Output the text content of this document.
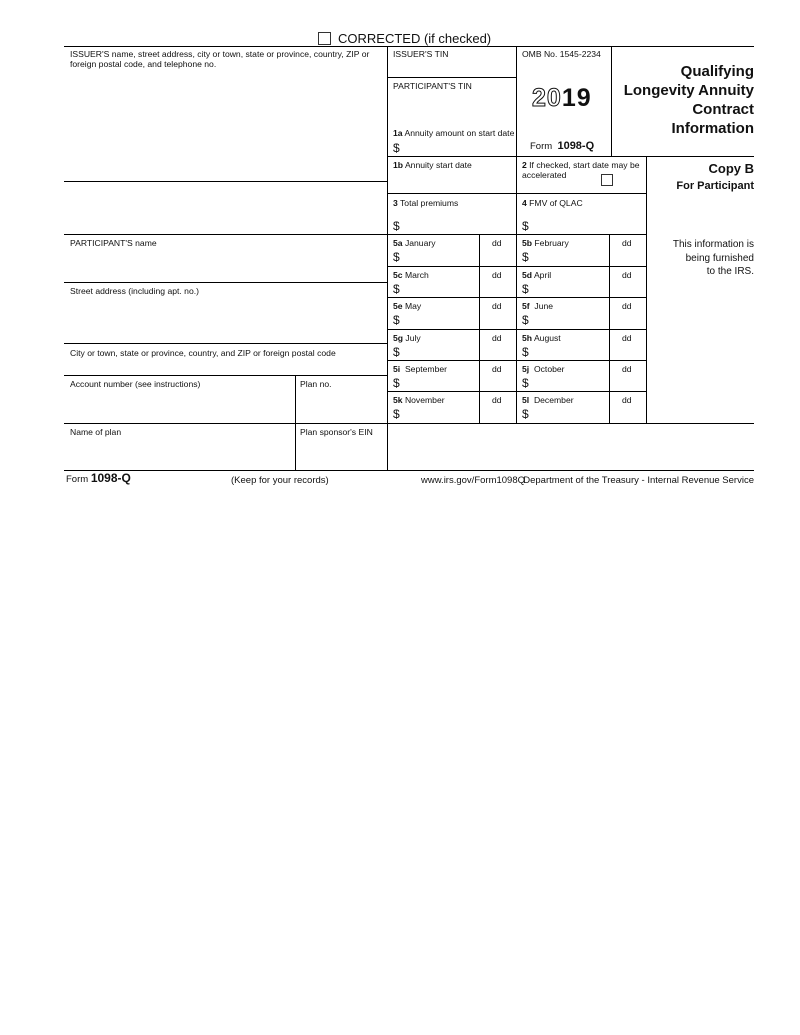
CORRECTED (if checked)
ISSUER'S name, street address, city or town, state or province, country, ZIP or foreign postal code, and telephone no.
ISSUER'S TIN
PARTICIPANT'S TIN
OMB No. 1545-2234
2019
Form 1098-Q
Qualifying
Longevity Annuity
Contract
Information
1a Annuity amount on start date
$
Copy B
For Participant
This information is
being furnished
to the IRS.
1b Annuity start date	2 If checked, start date may be accelerated
3 Total premiums
$
4 FMV of QLAC
$
PARTICIPANT'S name
Street address (including apt. no.)
City or town, state or province, country, and ZIP or foreign postal code
Account number (see instructions)	Plan no.
Name of plan	Plan sponsor's EIN
5a January	dd
$
5b February	dd
$
5c March	dd
$
5d April	dd
$
5e May	dd
$
5f  June	dd
$
5g July	dd
$
5h August	dd
$
5i  September	dd
$
5j  October	dd
$
5k November	dd
$
5l  December	dd
$
Form 1098-Q	(Keep for your records)	www.irs.gov/Form1098Q
Department of the Treasury - Internal Revenue Service
